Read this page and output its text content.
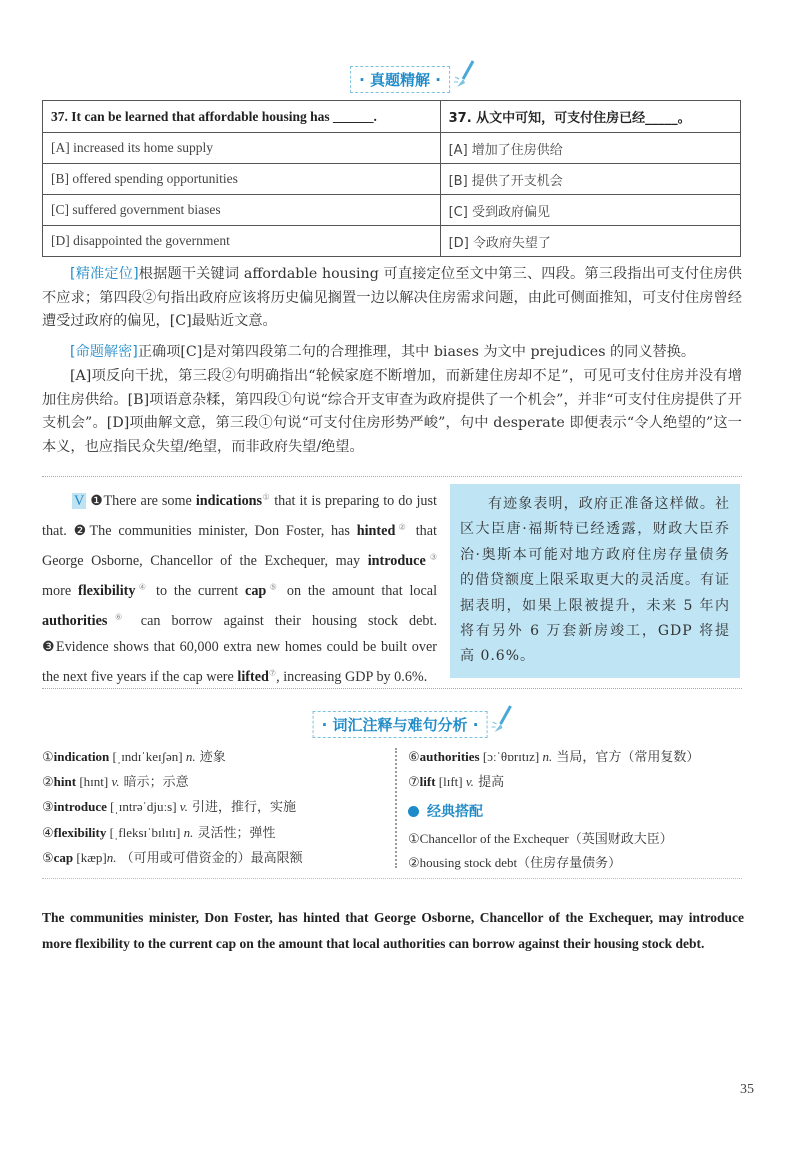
· 真题精解 ·
37. It can be learned that affordable housing has ______.	37. 从文中可知，可支付住房已经_____。
[A] increased its home supply	[A] 增加了住房供给
[B] offered spending opportunities	[B] 提供了开支机会
[C] suffered government biases	[C] 受到政府偏见
[D] disappointed the government	[D] 令政府失望了
[精准定位]根据题干关键词 affordable housing 可直接定位至文中第三、四段。第三段指出可支付住房供不应求；第四段②句指出政府应该将历史偏见搁置一边以解决住房需求问题，由此可侧面推知，可支付住房曾经遭受过政府的偏见，[C]最贴近文意。
[命题解密]正确项[C]是对第四段第二句的合理推理，其中 biases 为文中 prejudices 的同义替换。
[A]项反向干扰，第三段②句明确指出“轮候家庭不断增加，而新建住房却不足”，可见可支付住房并没有增加住房供给。[B]项语意杂糅，第四段①句说“综合开支审查为政府提供了一个机会”，并非“可支付住房提供了开支机会”。[D]项曲解文意，第三段①句说“可支付住房形势严峻”，句中 desperate 即便表示“令人绝望的”这一本义，也应指民众失望/绝望，而非政府失望/绝望。
V ❶There are some indications① that it is preparing to do just that. ❷The communities minister, Don Foster, has hinted② that George Osborne, Chancellor of the Exchequer, may introduce③ more flexibility④ to the current cap⑤ on the amount that local authorities⑥ can borrow against their housing stock debt. ❸Evidence shows that 60,000 extra new homes could be built over the next five years if the cap were lifted⑦, increasing GDP by 0.6%.
有迹象表明，政府正准备这样做。社区大臣唐·福斯特已经透露，财政大臣乔治·奥斯本可能对地方政府住房存量债务的借贷额度上限采取更大的灵活度。有证据表明，如果上限被提升，未来 5 年内将有另外 6 万套新房竣工，GDP 将提高 0.6%。
· 词汇注释与难句分析 ·
①indication [ˌɪndɪˈkeɪʃən] n. 迹象
②hint [hɪnt] v. 暗示；示意
③introduce [ˌɪntrəˈdjuːs] v. 引进，推行，实施
④flexibility [ˌfleksɪˈbɪlɪtɪ] n. 灵活性；弹性
⑤cap [kæp]n. （可用或可借资金的）最高限额
⑥authorities [ɔːˈθɒrɪtɪz] n. 当局，官方（常用复数）
⑦lift [lɪft] v. 提高
经典搭配
①Chancellor of the Exchequer（英国财政大臣）
②housing stock debt（住房存量债务）
The communities minister, Don Foster, has hinted that George Osborne, Chancellor of the Exchequer, may introduce more flexibility to the current cap on the amount that local authorities can borrow against their housing stock debt.
35
